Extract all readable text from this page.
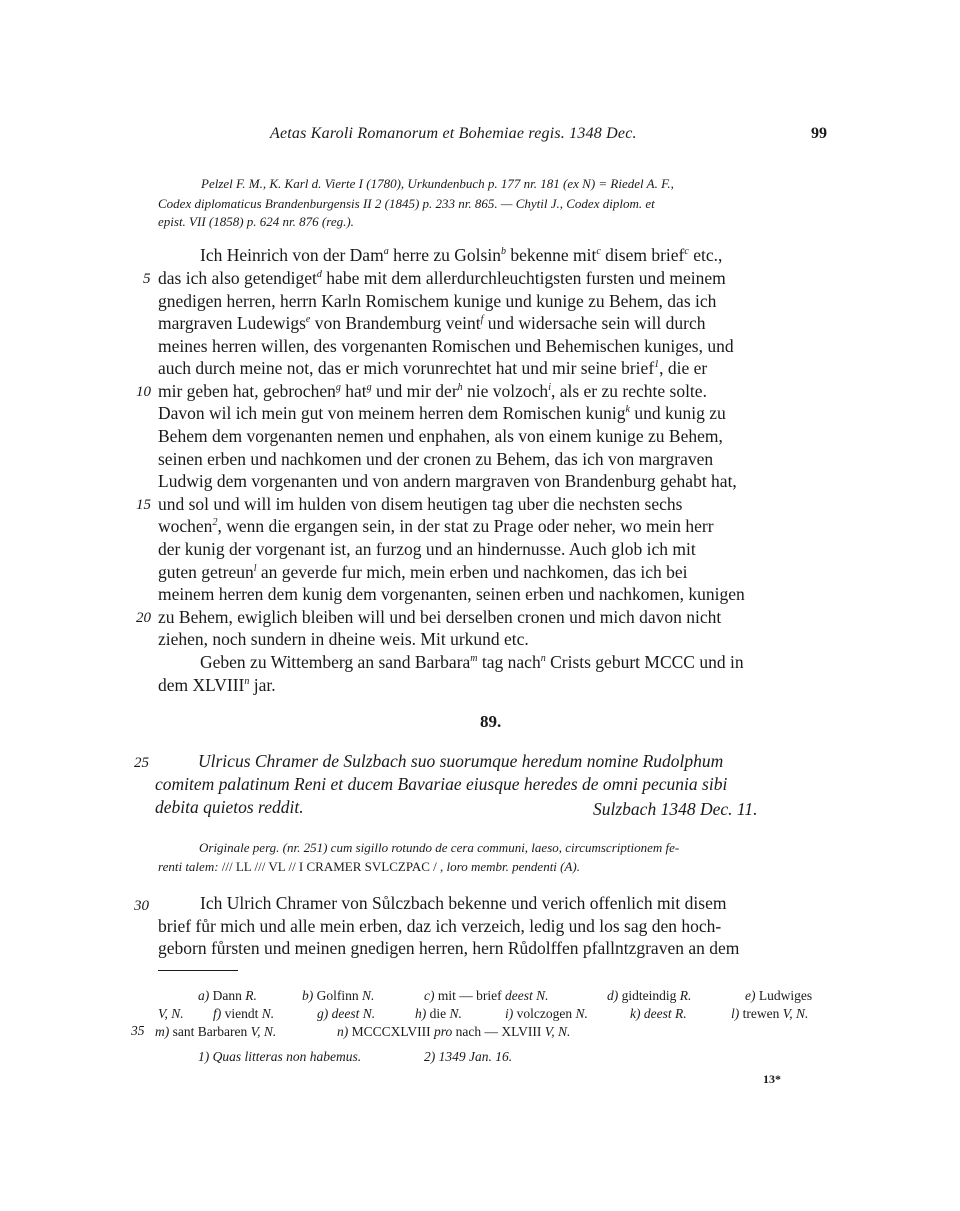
Aetas Karoli Romanorum et Bohemiae regis. 1348 Dec.	99
Pelzel F. M., K. Karl d. Vierte I (1780), Urkundenbuch p. 177 nr. 181 (ex N) = Riedel A. F.,
Codex diplomaticus Brandenburgensis II 2 (1845) p. 233 nr. 865. — Chytil J., Codex diplom. et
epist. VII (1858) p. 624 nr. 876 (reg.).
Ich Heinrich von der Dam$^a$ herre zu Golsin$^b$ bekenne mit$^c$ disem brief$^c$ etc.,
5 das ich also getendiget$^d$ habe mit dem allerdurchleuchtigsten fursten und meinem
gnedigen herren, herrn Karln Romischem kunige und kunige zu Behem, das ich
margraven Ludewigs$^e$ von Brandemburg veint$^f$ und widersache sein will durch
meines herren willen, des vorgenanten Romischen und Behemischen kuniges, und
auch durch meine not, das er mich vorunrechtet hat und mir seine brief$^1$, die er
10 mir geben hat, gebrochen$^g$ hat$^g$ und mir der$^h$ nie volzoch$^i$, als er zu rechte solte.
Davon wil ich mein gut von meinem herren dem Romischen kunig$^k$ und kunig zu
Behem dem vorgenanten nemen und enphahen, als von einem kunige zu Behem,
seinen erben und nachkomen und der cronen zu Behem, das ich von margraven
Ludwig dem vorgenanten und von andern margraven von Brandenburg gehabt hat,
15 und sol und will im hulden von disem heutigen tag uber die nechsten sechs
wochen$^2$, wenn die ergangen sein, in der stat zu Prage oder neher, wo mein herr
der kunig der vorgenant ist, an furzog und an hindernusse. Auch glob ich mit
guten getreun$^l$ an geverde fur mich, mein erben und nachkomen, das ich bei
meinem herren dem kunig dem vorgenanten, seinen erben und nachkomen, kunigen
20 zu Behem, ewiglich bleiben will und bei derselben cronen und mich davon nicht
ziehen, noch sundern in dheine weis. Mit urkund etc.
Geben zu Wittemberg an sand Barbara$^m$ tag nach$^n$ Crists geburt MCCC und in
dem XLVIII$^n$ jar.
89.
25	Ulricus Chramer de Sulzbach suo suorumque heredum nomine Rudolphum
comitem palatinum Reni et ducem Bavariae eiusque heredes de omni pecunia sibi
debita quietos reddit.	Sulzbach 1348 Dec. 11.
Originale perg. (nr. 251) cum sigillo rotundo de cera communi, laeso, circumscriptionem fe-
renti talem: /// LL /// VL // I CRAMER SVLCZPAC / , loro membr. pendenti (A).
30	Ich Ulrich Chramer von Sůlczbach bekenne und verich offenlich mit disem
brief fůr mich und alle mein erben, daz ich verzeich, ledig und los sag den hoch-
geborn fůrsten und meinen gnedigen herren, hern Růdolffen pfallntzgraven an dem
a) Dann R.	b) Golfinn N.	c) mit — brief deest N.	d) gidteindig R.	e) Ludwiges
V, N. f) viendt N.	g) deest N.	h) die N.	i) volczogen N.	k) deest R.	l) trewen V, N.
35 m) sant Barbaren V, N.	n) MCCCXLVIII pro nach — XLVIII V, N.
1) Quas litteras non habemus.	2) 1349 Jan. 16.
13*
